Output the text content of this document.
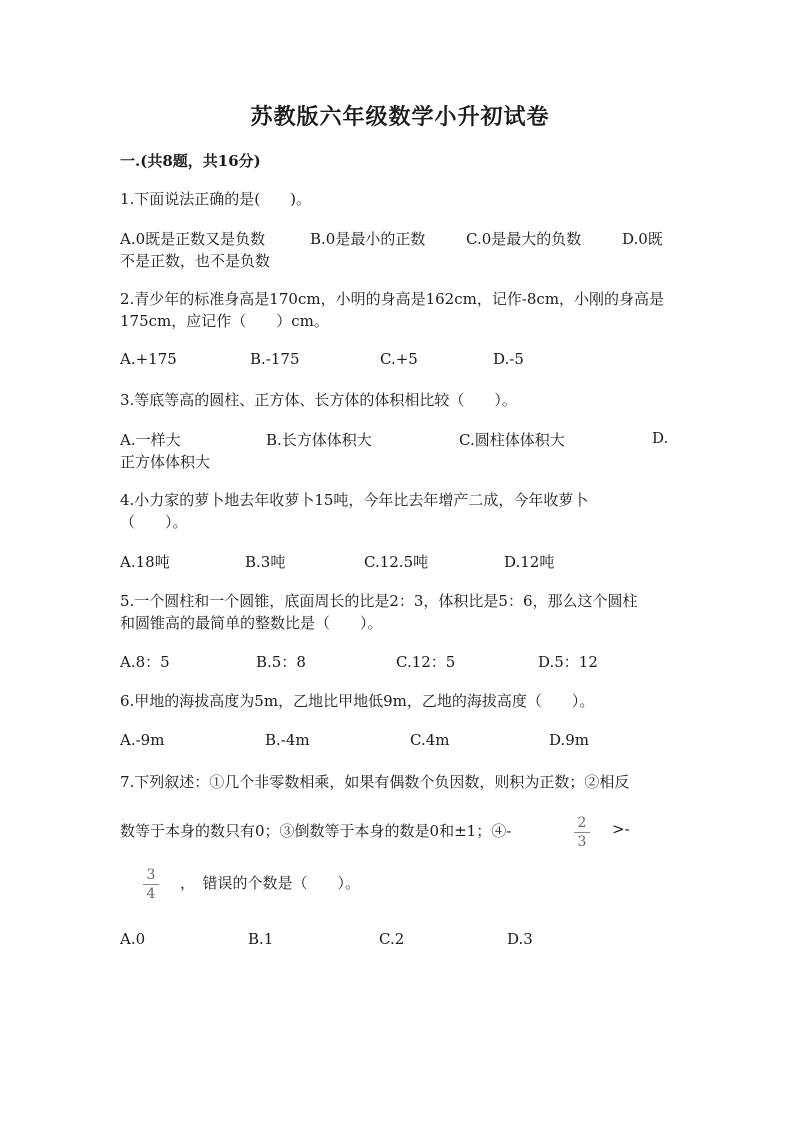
苏教版六年级数学小升初试卷
一.(共8题，共16分)
1.下面说法正确的是(　　)。
A.0既是正数又是负数	B.0是最小的正数	C.0是最大的负数	D.0既
不是正数，也不是负数
2.青少年的标准身高是170cm，小明的身高是162cm，记作-8cm，小刚的身高是
175cm，应记作（　　）cm。
A.+175	B.-175	C.+5	D.-5
3.等底等高的圆柱、正方体、长方体的体积相比较（　　）。
A.一样大	B.长方体体积大	C.圆柱体体积大	D.
正方体体积大
4.小力家的萝卜地去年收萝卜15吨，今年比去年增产二成，今年收萝卜
（　　）。
A.18吨	B.3吨	C.12.5吨	D.12吨
5.一个圆柱和一个圆锥，底面周长的比是2：3，体积比是5：6，那么这个圆柱
和圆锥高的最简单的整数比是（　　）。
A.8：5	B.5：8	C.12：5	D.5：12
6.甲地的海拔高度为5m，乙地比甲地低9m，乙地的海拔高度（　　）。
A.-9m	B.-4m	C.4m	D.9m
7.下列叙述：①几个非零数相乘，如果有偶数个负因数，则积为正数；②相反
数等于本身的数只有0；③倒数等于本身的数是0和±1；④-	2
3
>-
3
4
，　错误的个数是（　　）。
A.0	B.1	C.2	D.3
